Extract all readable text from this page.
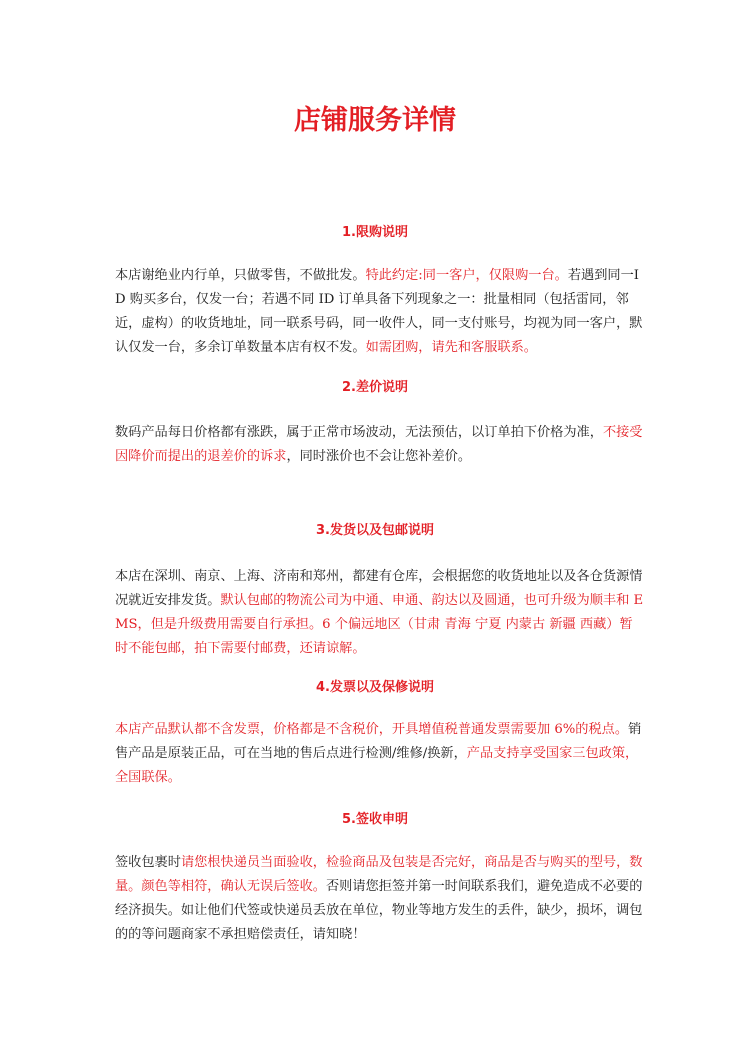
店铺服务详情
1.限购说明

本店谢绝业内行单，只做零售，不做批发。特此约定:同一客户，仅限购一台。若遇到同一ID 购买多台，仅发一台；若遇不同 ID 订单具备下列现象之一：批量相同（包括雷同，邻近，虚构）的收货地址，同一联系号码，同一收件人，同一支付账号，均视为同一客户，默认仅发一台，多余订单数量本店有权不发。如需团购，请先和客服联系。

2.差价说明

数码产品每日价格都有涨跌，属于正常市场波动，无法预估，以订单拍下价格为准，不接受因降价而提出的退差价的诉求，同时涨价也不会让您补差价。

3.发货以及包邮说明

本店在深圳、南京、上海、济南和郑州，都建有仓库，会根据您的收货地址以及各仓货源情况就近安排发货。默认包邮的物流公司为中通、申通、韵达以及圆通，也可升级为顺丰和 EMS，但是升级费用需要自行承担。6 个偏远地区（甘肃 青海 宁夏 内蒙古 新疆 西藏）暂时不能包邮，拍下需要付邮费，还请谅解。

4.发票以及保修说明

本店产品默认都不含发票，价格都是不含税价，开具增值税普通发票需要加 6%的税点。销售产品是原装正品，可在当地的售后点进行检测/维修/换新，产品支持享受国家三包政策，全国联保。

5.签收申明

签收包裹时请您根快递员当面验收，检验商品及包装是否完好，商品是否与购买的型号，数量。颜色等相符，确认无误后签收。否则请您拒签并第一时间联系我们，避免造成不必要的经济损失。如让他们代签或快递员丢放在单位，物业等地方发生的丢件，缺少，损坏，调包的的等问题商家不承担赔偿责任，请知晓！
